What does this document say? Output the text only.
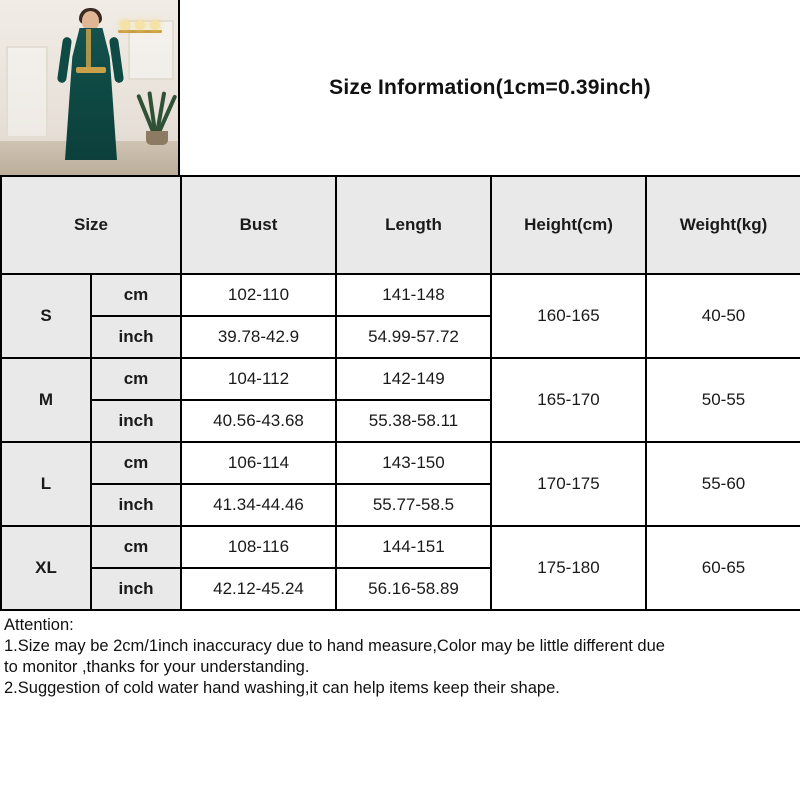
Size Information(1cm=0.39inch)
Size		Bust	Length	Height(cm)	Weight(kg)
S	cm	102-110	141-148	160-165	40-50
	inch	39.78-42.9	54.99-57.72		
M	cm	104-112	142-149	165-170	50-55
	inch	40.56-43.68	55.38-58.11		
L	cm	106-114	143-150	170-175	55-60
	inch	41.34-44.46	55.77-58.5		
XL	cm	108-116	144-151	175-180	60-65
	inch	42.12-45.24	56.16-58.89		
Attention:
1.Size may be 2cm/1inch inaccuracy due to hand measure,Color may be little different due
to monitor ,thanks for your understanding.
2.Suggestion of cold water hand washing,it can help items keep their shape.
